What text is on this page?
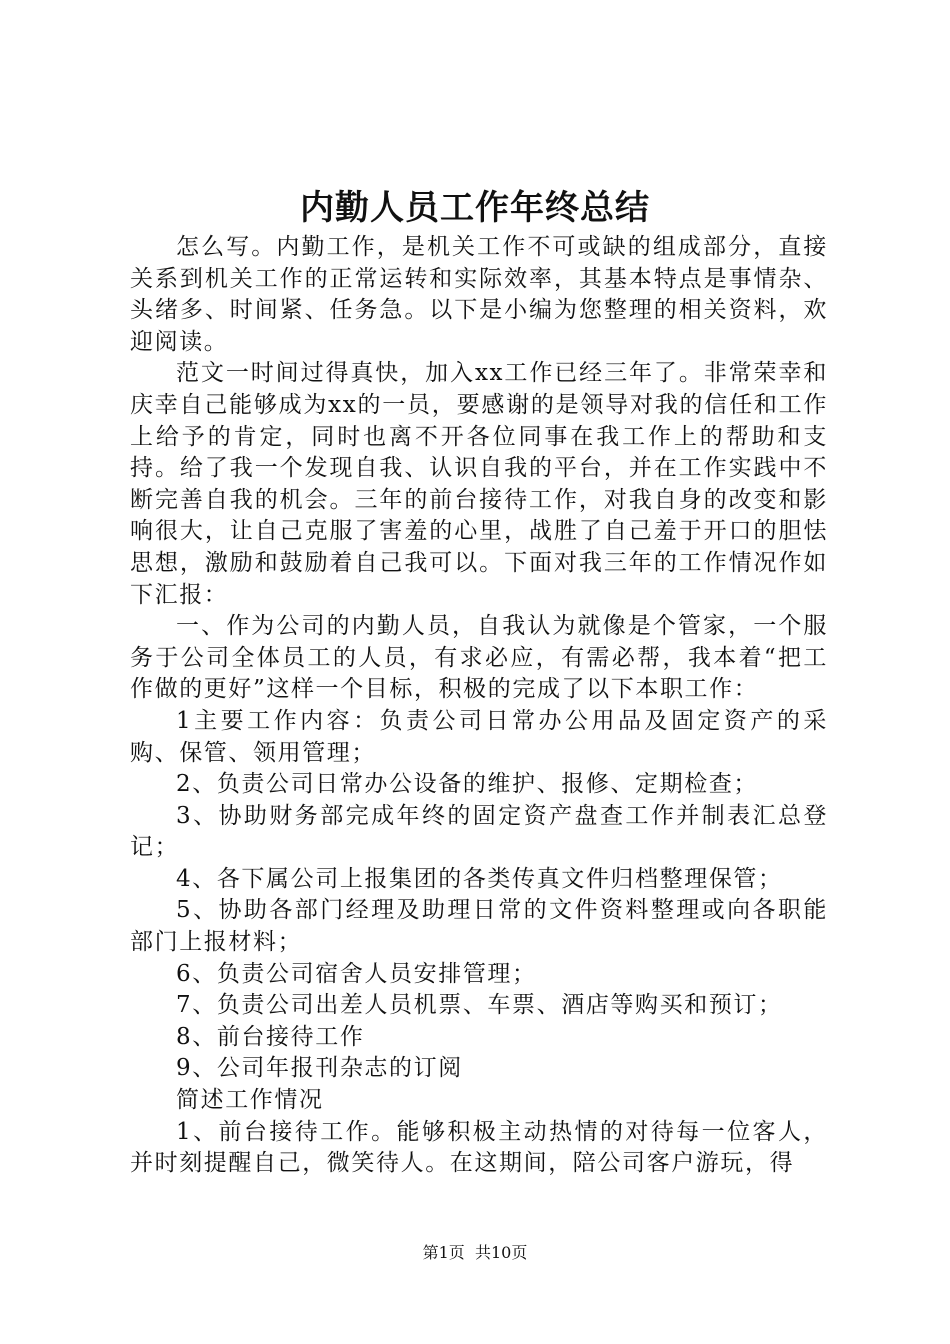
内勤人员工作年终总结

怎么写。内勤工作，是机关工作不可或缺的组成部分，直接关系到机关工作的正常运转和实际效率，其基本特点是事情杂、头绪多、时间紧、任务急。以下是小编为您整理的相关资料，欢迎阅读。

范文一时间过得真快，加入xx工作已经三年了。非常荣幸和庆幸自己能够成为xx的一员，要感谢的是领导对我的信任和工作上给予的肯定，同时也离不开各位同事在我工作上的帮助和支持。给了我一个发现自我、认识自我的平台，并在工作实践中不断完善自我的机会。三年的前台接待工作，对我自身的改变和影响很大，让自己克服了害羞的心里，战胜了自己羞于开口的胆怯思想，激励和鼓励着自己我可以。下面对我三年的工作情况作如下汇报：

一、作为公司的内勤人员，自我认为就像是个管家，一个服务于公司全体员工的人员，有求必应，有需必帮，我本着“把工作做的更好”这样一个目标，积极的完成了以下本职工作：

1主要工作内容：负责公司日常办公用品及固定资产的采购、保管、领用管理；

2、负责公司日常办公设备的维护、报修、定期检查；

3、协助财务部完成年终的固定资产盘查工作并制表汇总登记；

4、各下属公司上报集团的各类传真文件归档整理保管；

5、协助各部门经理及助理日常的文件资料整理或向各职能部门上报材料；

6、负责公司宿舍人员安排管理；

7、负责公司出差人员机票、车票、酒店等购买和预订；

8、前台接待工作

9、公司年报刊杂志的订阅

简述工作情况

1、前台接待工作。能够积极主动热情的对待每一位客人，并时刻提醒自己，微笑待人。在这期间，陪公司客户游玩，得

第1页 共10页
